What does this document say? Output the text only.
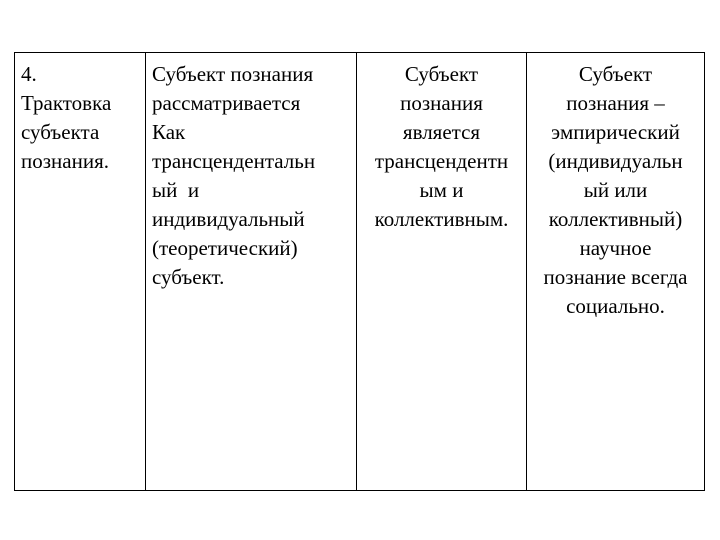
4.
Трактовка
субъекта
познания.
Субъект познания
рассматривается
Как
трансцендентальн
ый  и
индивидуальный
(теоретический)
субъект.
Субъект
познания
является
трансцендентн
ым и
коллективным.
Субъект
познания –
эмпирический
(индивидуальн
ый или
коллективный)
научное
познание всегда
социально.
